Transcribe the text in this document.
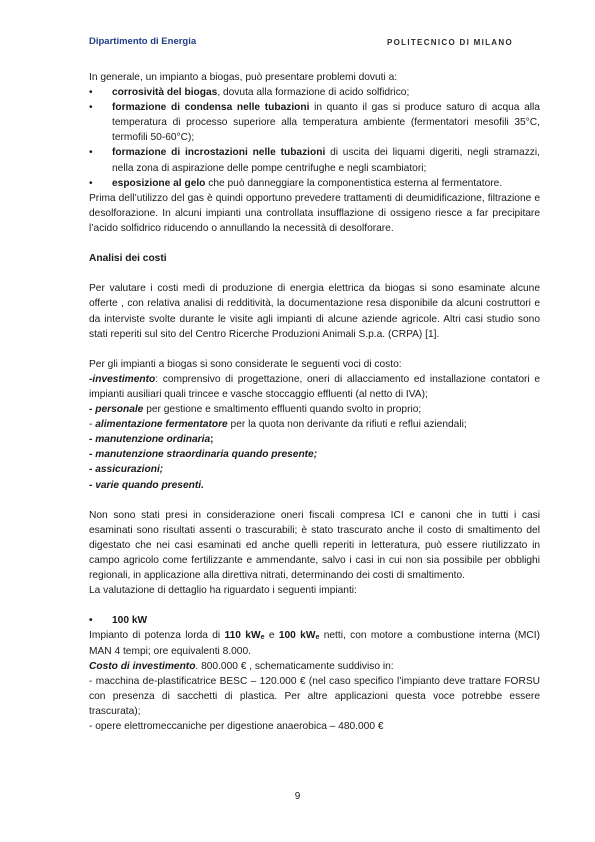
Dipartimento di Energia	POLITECNICO DI MILANO

In generale, un impianto a biogas, può presentare problemi dovuti a:

• corrosività del biogas, dovuta alla formazione di acido solfidrico;

• formazione di condensa nelle tubazioni in quanto il gas si produce saturo di acqua alla temperatura di processo superiore alla temperatura ambiente (fermentatori mesofili 35°C, termofili 50-60°C);

• formazione di incrostazioni nelle tubazioni di uscita dei liquami digeriti, negli stramazzi, nella zona di aspirazione delle pompe centrifughe e negli scambiatori;

• esposizione al gelo che può danneggiare la componentistica esterna al fermentatore.

Prima dell’utilizzo del gas è quindi opportuno prevedere trattamenti di deumidificazione, filtrazione e desolforazione. In alcuni impianti una controllata insufflazione di ossigeno riesce a far precipitare l’acido solfidrico riducendo o annullando la necessità di desolforare.

Analisi dei costi

Per valutare i costi medi di produzione di energia elettrica da biogas si sono esaminate alcune offerte , con relativa analisi di redditività, la documentazione resa disponibile da alcuni costruttori e da interviste svolte durante le visite agli impianti di alcune aziende agricole. Altri casi studio sono stati reperiti sul sito del Centro Ricerche Produzioni Animali S.p.a. (CRPA) [1].

Per gli impianti a biogas si sono considerate le seguenti voci di costo:

-investimento: comprensivo di progettazione, oneri di allacciamento ed installazione contatori e impianti ausiliari quali trincee e vasche stoccaggio effluenti (al netto di IVA);

- personale per gestione e smaltimento effluenti quando svolto in proprio;

- alimentazione fermentatore per la quota non derivante da rifiuti e reflui aziendali;

- manutenzione ordinaria;

- manutenzione straordinaria quando presente;

- assicurazioni;

- varie quando presenti.

Non sono stati presi in considerazione oneri fiscali compresa ICI e canoni che in tutti i casi esaminati sono risultati assenti o trascurabili; è stato trascurato anche il costo di smaltimento del digestato che nei casi esaminati ed anche quelli reperiti in letteratura, può essere riutilizzato in campo agricolo come fertilizzante e ammendante, salvo i casi in cui non sia possibile per obblighi regionali, in applicazione alla direttiva nitrati, determinando dei costi di smaltimento.

La valutazione di dettaglio ha riguardato i seguenti impianti:

• 100 kW

Impianto di potenza lorda di 110 $kW_e$ e 100 $kW_e$ netti, con motore a combustione interna (MCI) MAN 4 tempi; ore equivalenti 8.000.

Costo di investimento. 800.000 € , schematicamente suddiviso in:

- macchina de-plastificatrice BESC – 120.000 € (nel caso specifico l’impianto deve trattare FORSU con presenza di sacchetti di plastica. Per altre applicazioni questa voce potrebbe essere trascurata);

- opere elettromeccaniche per digestione anaerobica – 480.000 €

9
